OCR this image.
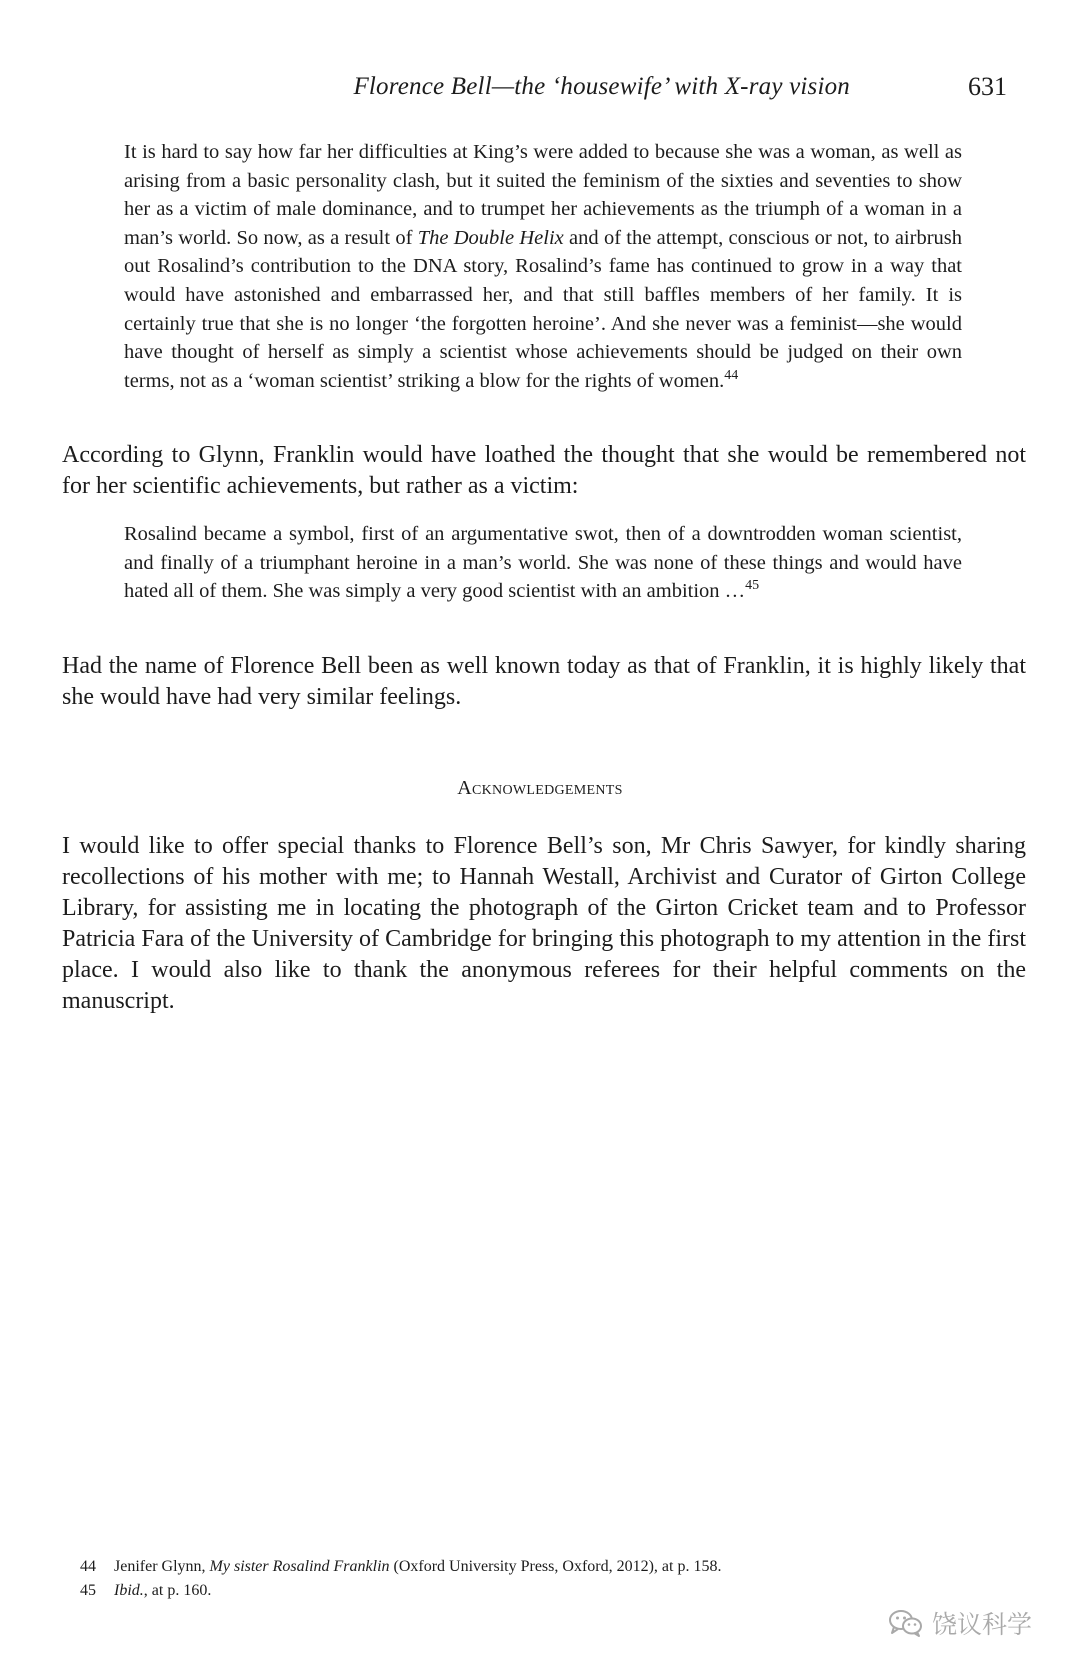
Florence Bell—the ‘housewife’ with X-ray vision	631
It is hard to say how far her difficulties at King’s were added to because she was a woman, as well as arising from a basic personality clash, but it suited the feminism of the sixties and seventies to show her as a victim of male dominance, and to trumpet her achievements as the triumph of a woman in a man’s world. So now, as a result of The Double Helix and of the attempt, conscious or not, to airbrush out Rosalind’s contribution to the DNA story, Rosalind’s fame has continued to grow in a way that would have astonished and embarrassed her, and that still baffles members of her family. It is certainly true that she is no longer ‘the forgotten heroine’. And she never was a feminist—she would have thought of herself as simply a scientist whose achievements should be judged on their own terms, not as a ‘woman scientist’ striking a blow for the rights of women.$^{44}$
According to Glynn, Franklin would have loathed the thought that she would be remembered not for her scientific achievements, but rather as a victim:
Rosalind became a symbol, first of an argumentative swot, then of a downtrodden woman scientist, and finally of a triumphant heroine in a man’s world. She was none of these things and would have hated all of them. She was simply a very good scientist with an ambition …$^{45}$
Had the name of Florence Bell been as well known today as that of Franklin, it is highly likely that she would have had very similar feelings.
Acknowledgements
I would like to offer special thanks to Florence Bell’s son, Mr Chris Sawyer, for kindly sharing recollections of his mother with me; to Hannah Westall, Archivist and Curator of Girton College Library, for assisting me in locating the photograph of the Girton Cricket team and to Professor Patricia Fara of the University of Cambridge for bringing this photograph to my attention in the first place. I would also like to thank the anonymous referees for their helpful comments on the manuscript.
44 Jenifer Glynn, My sister Rosalind Franklin (Oxford University Press, Oxford, 2012), at p. 158.
45 Ibid., at p. 160.
饶议科学
